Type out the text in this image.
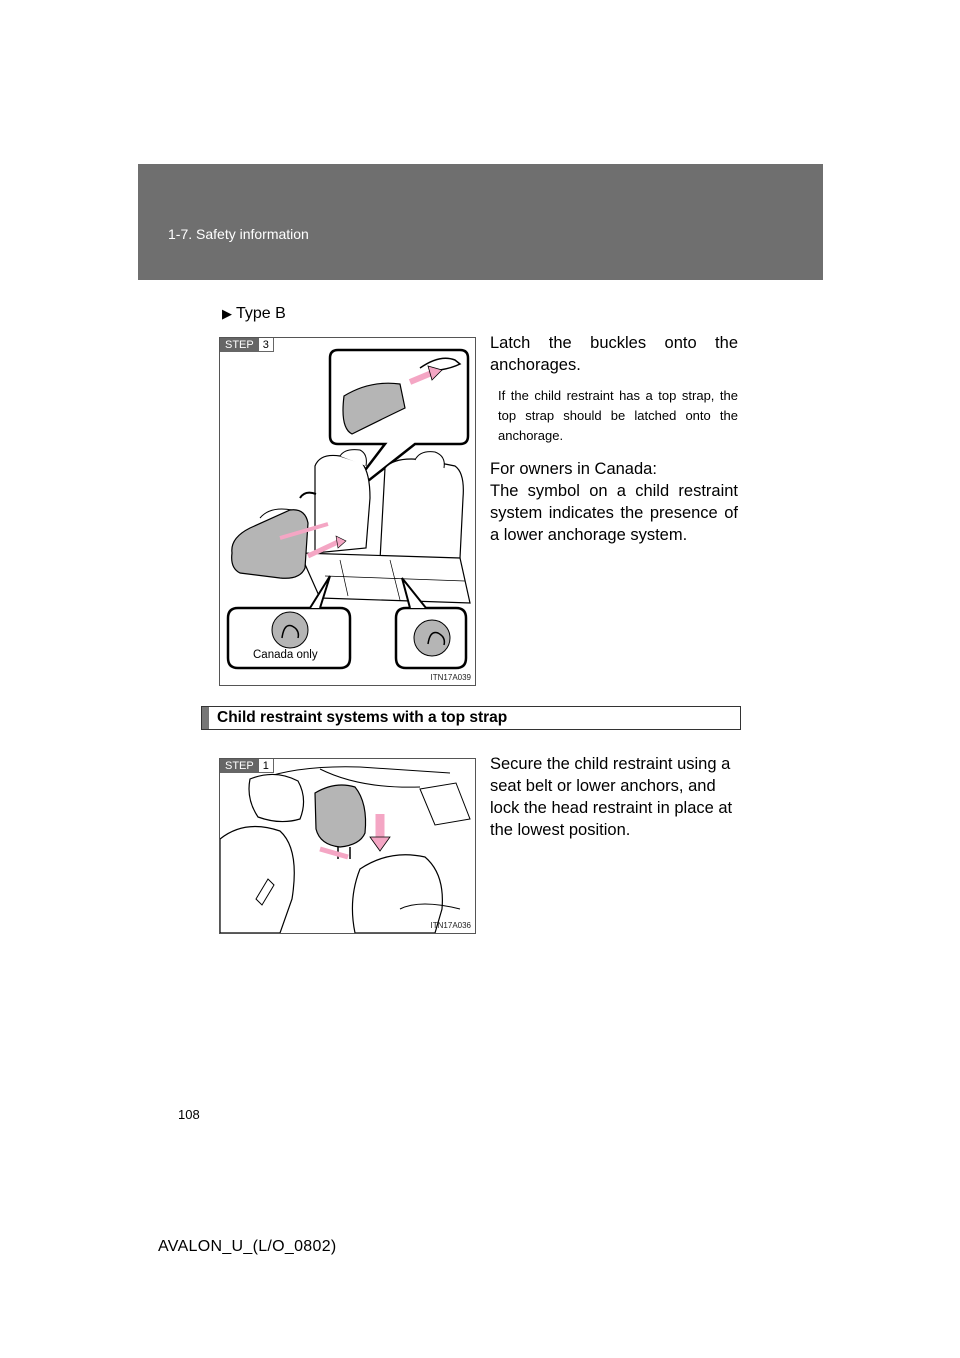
1-7. Safety information
▶ Type B
STEP 3
Canada only
ITN17A039

Latch the buckles onto the anchorages.

If the child restraint has a top strap, the top strap should be latched onto the anchorage.

For owners in Canada:

The symbol on a child restraint system indicates the presence of a lower anchorage system.

Child restraint systems with a top strap
STEP 1
ITN17A036

Secure the child restraint using a seat belt or lower anchors, and lock the head restraint in place at the lowest position.

108
AVALON_U_(L/O_0802)
